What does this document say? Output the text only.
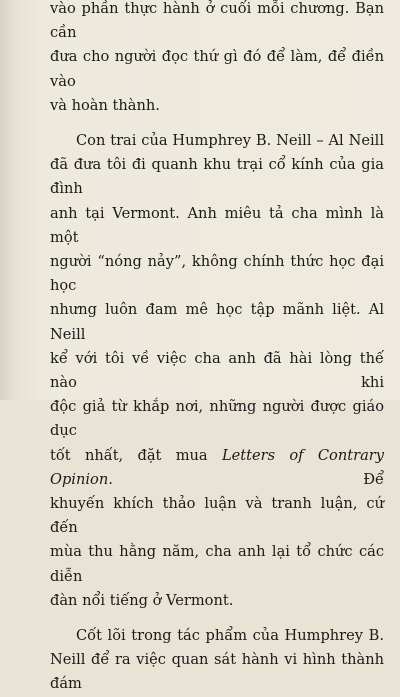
vào phần thực hành ở cuối mỗi chương. Bạn cần
đưa cho người đọc thứ gì đó để làm, để điền vào
và hoàn thành.

Con trai của Humphrey B. Neill – Al Neill
đã đưa tôi đi quanh khu trại cổ kính của gia đình
anh tại Vermont. Anh miêu tả cha mình là một
người “nóng nảy”, không chính thức học đại học
nhưng luôn đam mê học tập mãnh liệt. Al Neill
kể với tôi về việc cha anh đã hài lòng thế nào khi
độc giả từ khắp nơi, những người được giáo dục
tốt nhất, đặt mua Letters of Contrary Opinion. Để
khuyến khích thảo luận và tranh luận, cứ đến
mùa thu hằng năm, cha anh lại tổ chức các diễn
đàn nổi tiếng ở Vermont.

Cốt lõi trong tác phẩm của Humphrey B.
Neill để ra việc quan sát hành vi hình thành đám
